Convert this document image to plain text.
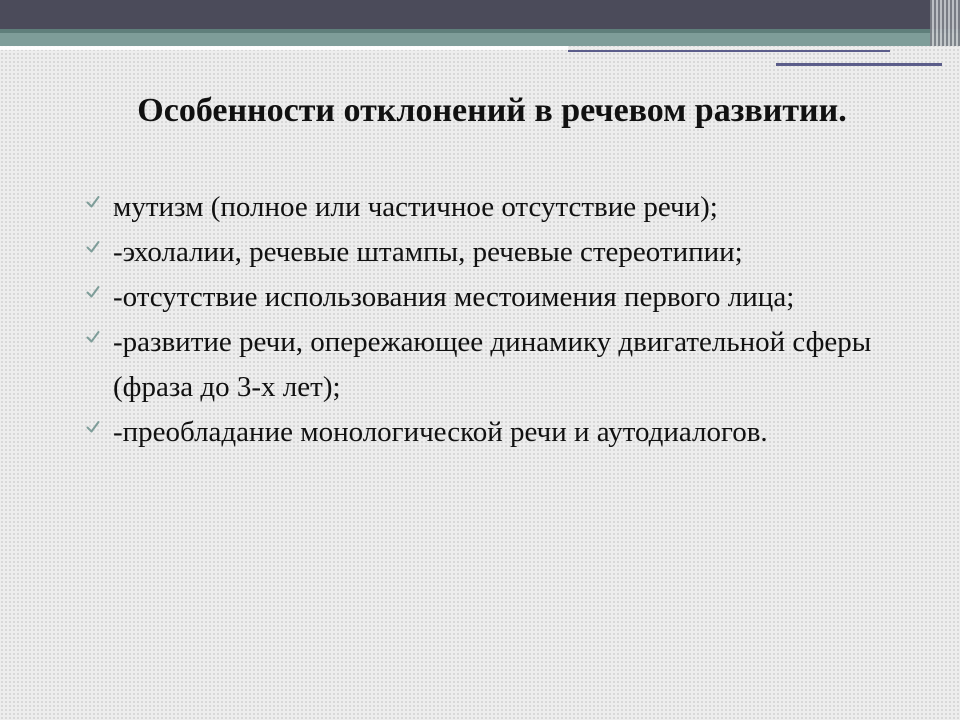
Особенности отклонений в речевом развитии.
мутизм (полное или частичное отсутствие речи);
-эхолалии, речевые штампы, речевые стереотипии;
-отсутствие использования местоимения первого лица;
-развитие речи, опережающее динамику двигательной сферы (фраза до 3-х лет);
-преобладание монологической речи и аутодиалогов.
